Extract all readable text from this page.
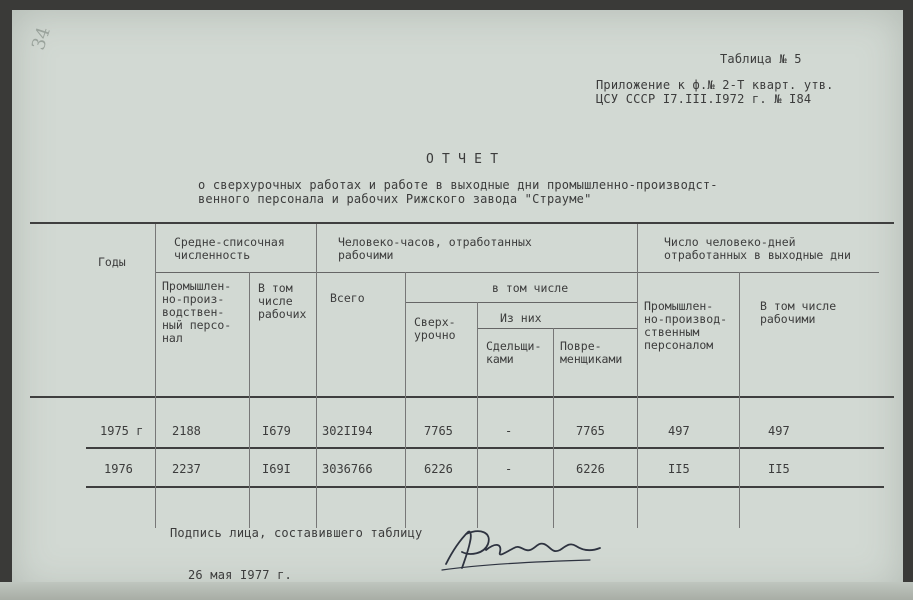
34
Таблица № 5
Приложение к ф.№ 2-Т кварт. утв.
ЦСУ СССР I7.III.I972 г. № I84
О Т Ч Е Т
о сверхурочных работах и работе в выходные дни промышленно-производст-
венного персонала и рабочих Рижского завода "Страуме"
Годы
Средне-списочная
численность
Промышлен-
но-произ-
водствен-
ный персо-
нал
В том
числе
рабочих
Человеко-часов, отработанных
рабочими
Всего
в том числе
Сверх-
урочно
Из них
Сдельщи-
ками
Повре-
менщиками
Число человеко-дней
отработанных в выходные дни
Промышлен-
но-производ-
ственным
персоналом
В том числе
рабочими
1975 г 2188	I679	302II94	7765	-	7765	497	497
1976	2237	I69I	3036766	6226	-	6226	II5	II5
Подпись лица, составившего таблицу
26 мая I977 г.
